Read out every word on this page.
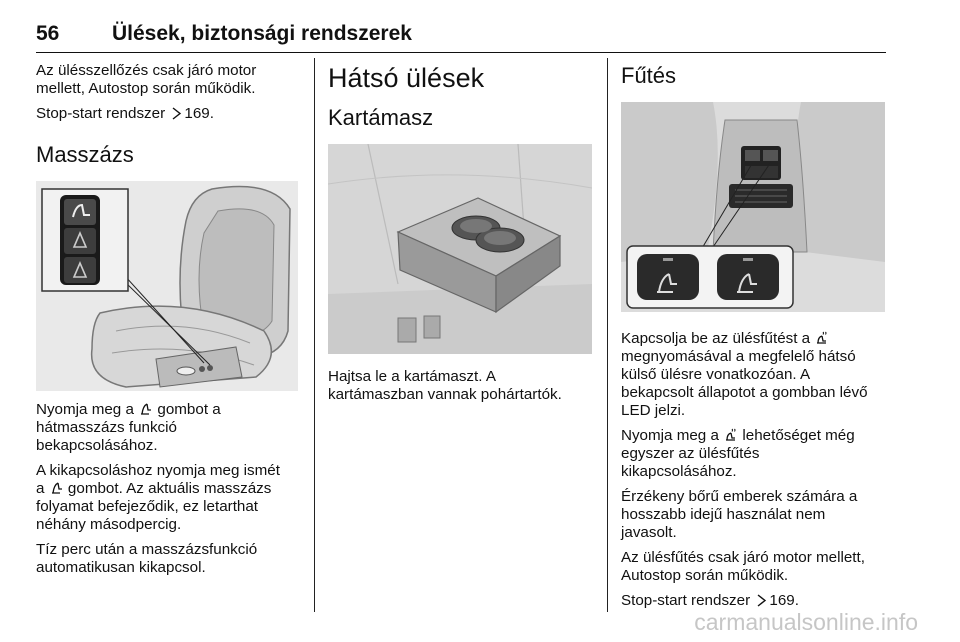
56	Ülések, biztonsági rendszerek

Az ülésszellőzés csak járó motor
mellett, Autostop során működik.

Stop-start rendszer 169.

Masszázs

Nyomja meg a gombot a
hátmasszázs funkció
bekapcsolásához.

A kikapcsoláshoz nyomja meg ismét
a gombot. Az aktuális masszázs
folyamat befejeződik, ez letarthat
néhány másodpercig.

Tíz perc után a masszázsfunkció
automatikusan kikapcsol.

Hátsó ülések
Kartámasz

Hajtsa le a kartámaszt. A
kartámaszban vannak pohártartók.

Fűtés

Kapcsolja be az ülésfűtést a
megnyomásával a megfelelő hátsó
külső ülésre vonatkozóan. A
bekapcsolt állapotot a gombban lévő
LED jelzi.

Nyomja meg a lehetőséget még
egyszer az ülésfűtés
kikapcsolásához.

Érzékeny bőrű emberek számára a
hosszabb idejű használat nem
javasolt.

Az ülésfűtés csak járó motor mellett,
Autostop során működik.

Stop-start rendszer 169.

carmanualsonline.info
